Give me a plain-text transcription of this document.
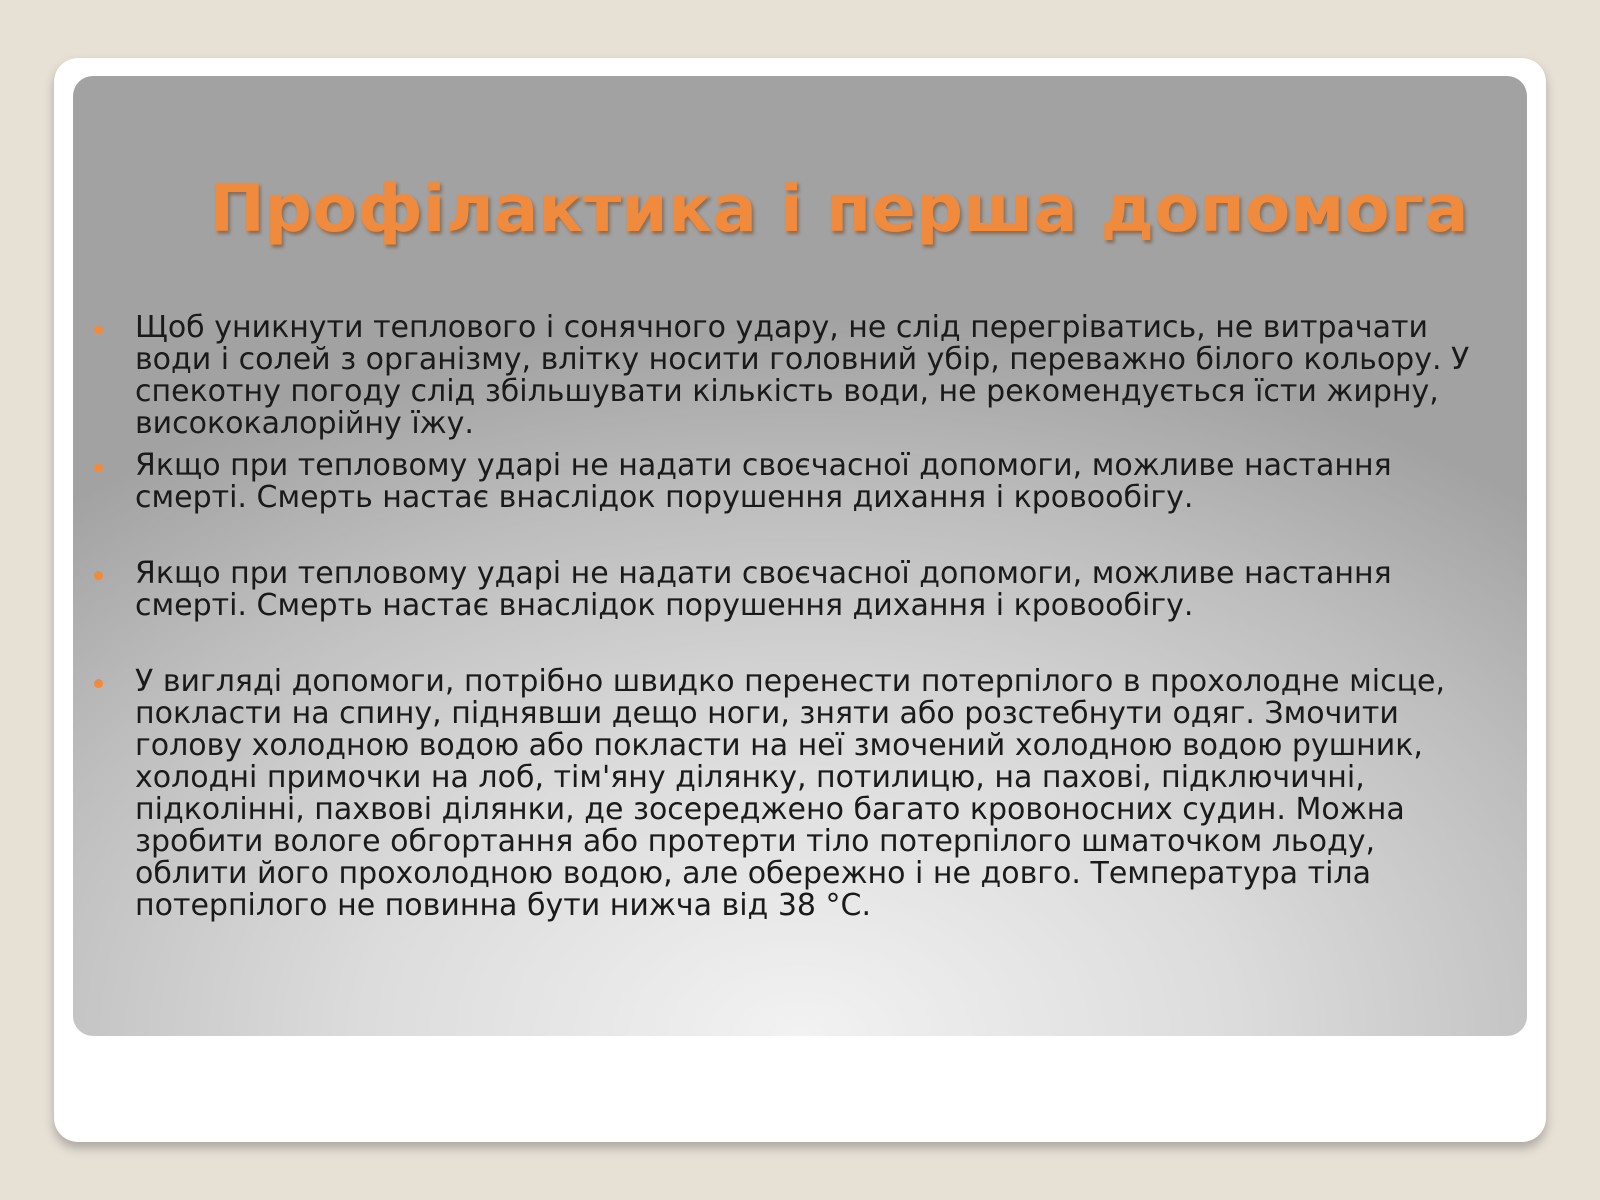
Профілактика і перша допомога
Щоб уникнути теплового і сонячного удару, не слід перегріватись, не витрачати води і солей з організму, влітку носити головний убір, переважно білого кольору. У спекотну погоду слід збільшувати кількість води, не рекомендується їсти жирну, висококалорійну їжу.
Якщо при тепловому ударі не надати своєчасної допомоги, можливе настання смерті. Смерть настає внаслідок порушення дихання і кровообігу.
Якщо при тепловому ударі не надати своєчасної допомоги, можливе настання смерті. Смерть настає внаслідок порушення дихання і кровообігу.
У вигляді допомоги, потрібно швидко перенести потерпілого в прохолодне місце, покласти на спину, піднявши дещо ноги, зняти або розстебнути одяг. Змочити голову холодною водою або покласти на неї змочений холодною водою рушник, холодні примочки на лоб, тім'яну ділянку, потилицю, на пахові, підключичні, підколінні, пахвові ділянки, де зосереджено багато кровоносних судин. Можна зробити вологе обгортання або протерти тіло потерпілого шматочком льоду, облити його прохолодною водою, але обережно і не довго. Температура тіла потерпілого не повинна бути нижча від 38 °С.
